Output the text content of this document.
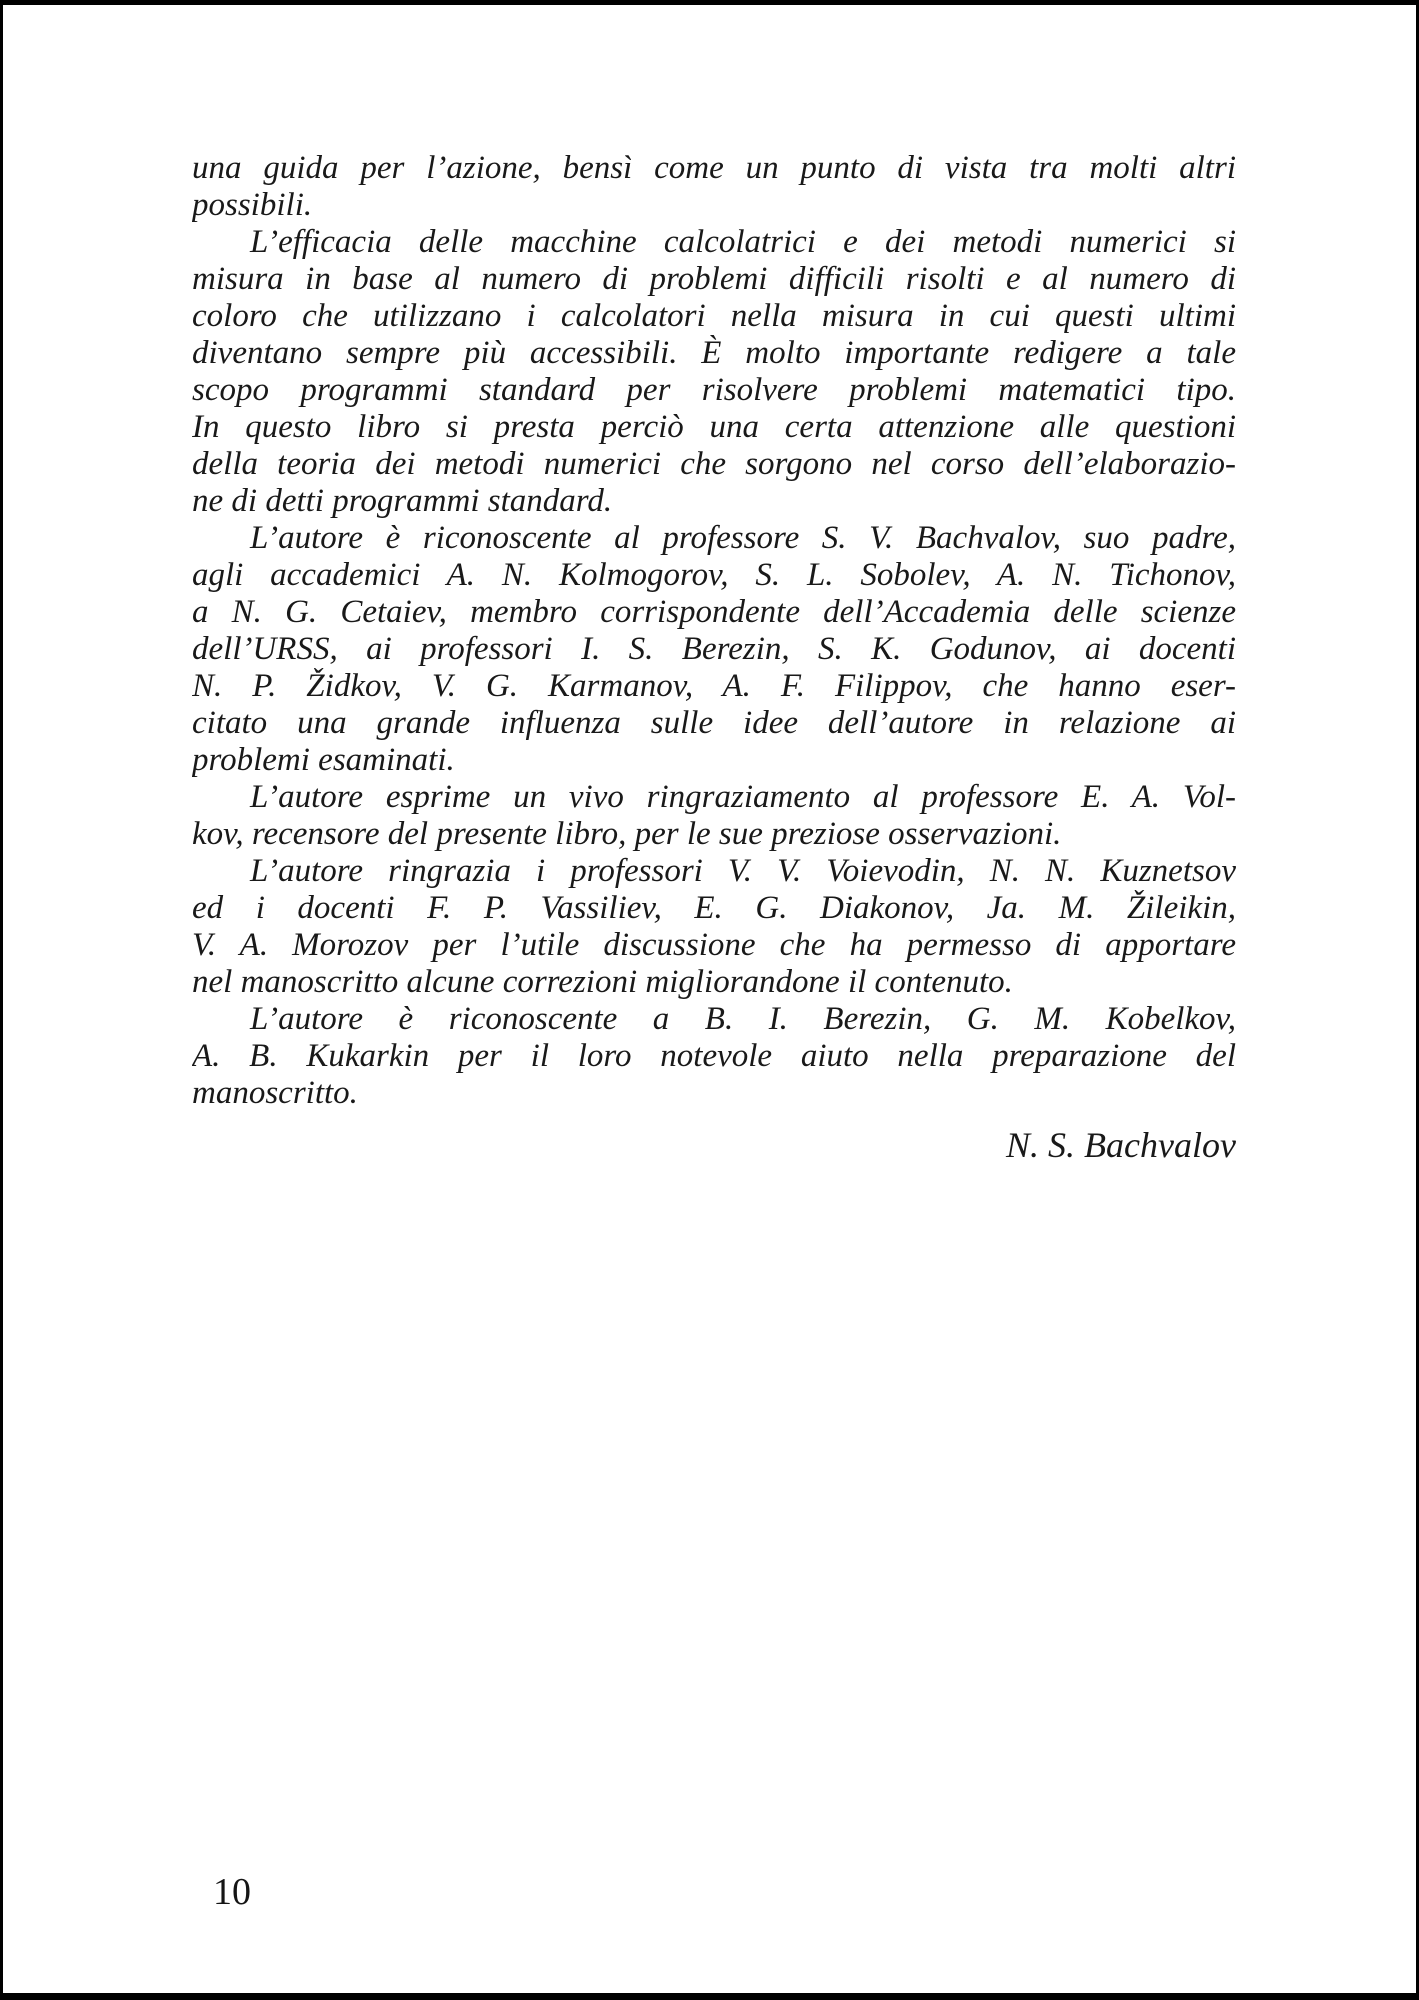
una guida per l’azione, bensì come un punto di vista tra molti altri
possibili.

L’efficacia delle macchine calcolatrici e dei metodi numerici si
misura in base al numero di problemi difficili risolti e al numero di
coloro che utilizzano i calcolatori nella misura in cui questi ultimi
diventano sempre più accessibili. È molto importante redigere a tale
scopo programmi standard per risolvere problemi matematici tipo.
In questo libro si presta perciò una certa attenzione alle questioni
della teoria dei metodi numerici che sorgono nel corso dell’elaborazio-
ne di detti programmi standard.

L’autore è riconoscente al professore S. V. Bachvalov, suo padre,
agli accademici A. N. Kolmogorov, S. L. Sobolev, A. N. Tichonov,
a N. G. Cetaiev, membro corrispondente dell’Accademia delle scienze
dell’URSS, ai professori I. S. Berezin, S. K. Godunov, ai docenti
N. P. Židkov, V. G. Karmanov, A. F. Filippov, che hanno eser-
citato una grande influenza sulle idee dell’autore in relazione ai
problemi esaminati.

L’autore esprime un vivo ringraziamento al professore E. A. Vol-
kov, recensore del presente libro, per le sue preziose osservazioni.

L’autore ringrazia i professori V. V. Voievodin, N. N. Kuznetsov
ed i docenti F. P. Vassiliev, E. G. Diakonov, Ja. M. Žileikin,
V. A. Morozov per l’utile discussione che ha permesso di apportare
nel manoscritto alcune correzioni migliorandone il contenuto.

L’autore è riconoscente a B. I. Berezin, G. M. Kobelkov,
A. B. Kukarkin per il loro notevole aiuto nella preparazione del
manoscritto.

N. S. Bachvalov
10
